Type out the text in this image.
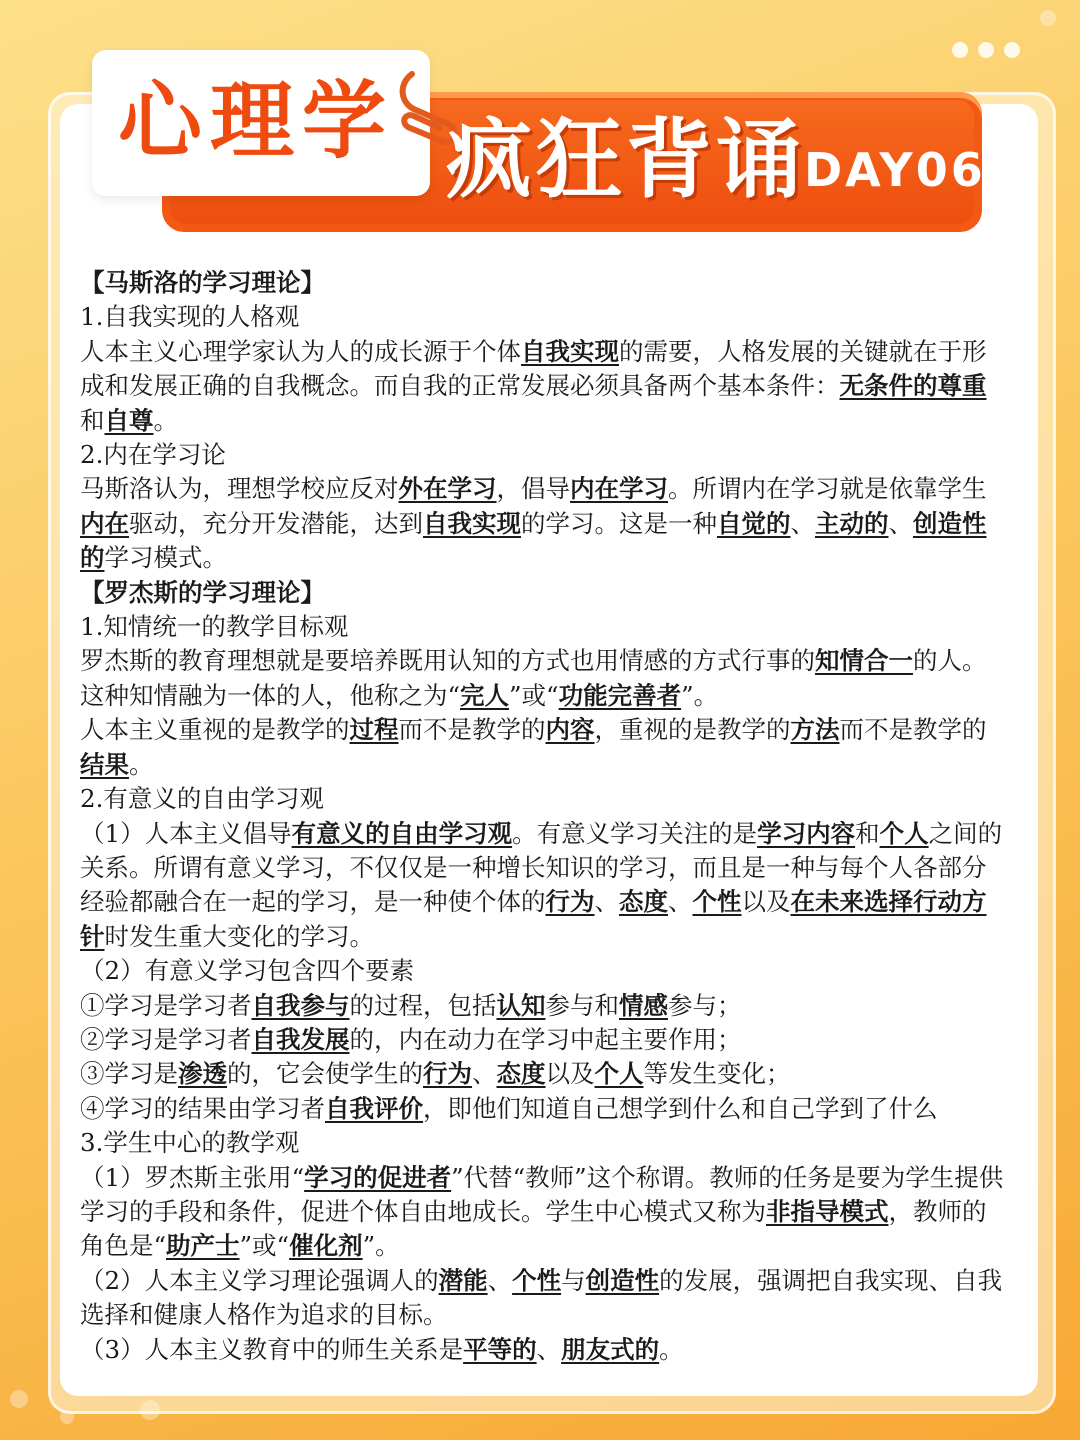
心理学 疯狂背诵
DAY06

【马斯洛的学习理论】

1.自我实现的人格观

人本主义心理学家认为人的成长源于个体自我实现的需要，人格发展的关键就在于形成和发展正确的自我概念。而自我的正常发展必须具备两个基本条件：无条件的尊重和自尊。

2.内在学习论

马斯洛认为，理想学校应反对外在学习，倡导内在学习。所谓内在学习就是依靠学生内在驱动，充分开发潜能，达到自我实现的学习。这是一种自觉的、主动的、创造性的学习模式。

【罗杰斯的学习理论】

1.知情统一的教学目标观

罗杰斯的教育理想就是要培养既用认知的方式也用情感的方式行事的知情合一的人。这种知情融为一体的人，他称之为“完人”或“功能完善者”。

人本主义重视的是教学的过程而不是教学的内容，重视的是教学的方法而不是教学的结果。

2.有意义的自由学习观

（1）人本主义倡导有意义的自由学习观。有意义学习关注的是学习内容和个人之间的关系。所谓有意义学习，不仅仅是一种增长知识的学习，而且是一种与每个人各部分经验都融合在一起的学习，是一种使个体的行为、态度、个性以及在未来选择行动方针时发生重大变化的学习。

（2）有意义学习包含四个要素

①学习是学习者自我参与的过程，包括认知参与和情感参与；

②学习是学习者自我发展的，内在动力在学习中起主要作用；

③学习是渗透的，它会使学生的行为、态度以及个人等发生变化；

④学习的结果由学习者自我评价，即他们知道自己想学到什么和自己学到了什么

3.学生中心的教学观

（1）罗杰斯主张用“学习的促进者”代替“教师”这个称谓。教师的任务是要为学生提供学习的手段和条件，促进个体自由地成长。学生中心模式又称为非指导模式，教师的角色是“助产士”或“催化剂”。

（2）人本主义学习理论强调人的潜能、个性与创造性的发展，强调把自我实现、自我选择和健康人格作为追求的目标。

（3）人本主义教育中的师生关系是平等的、朋友式的。
